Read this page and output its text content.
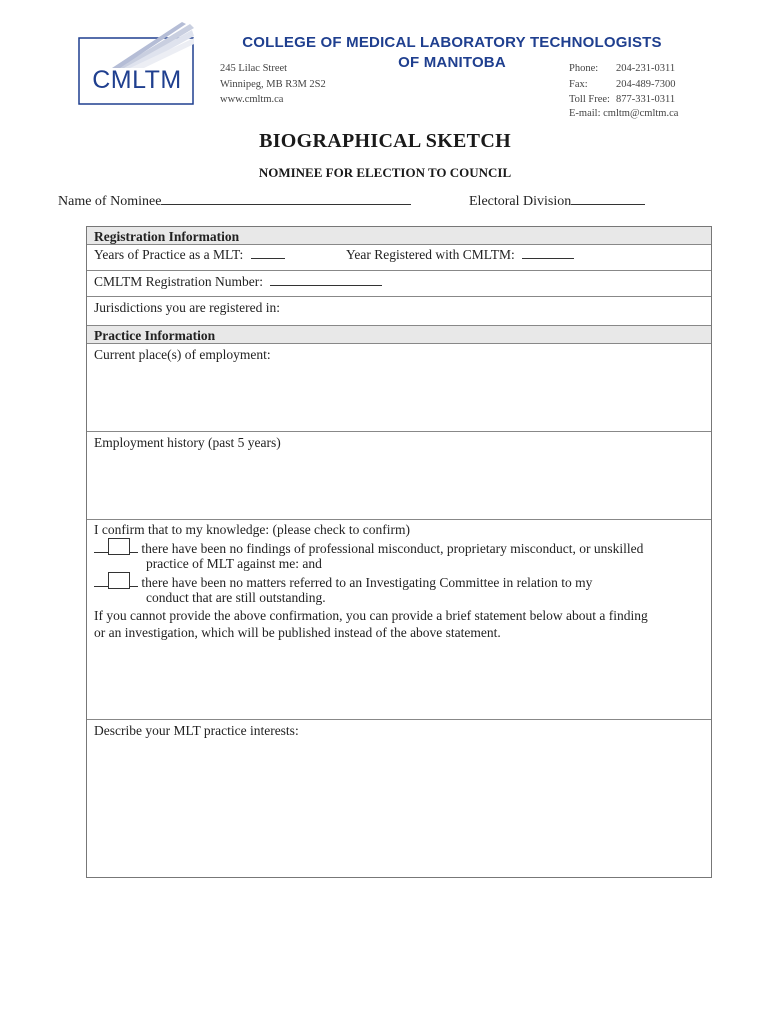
CMLTM
COLLEGE OF MEDICAL LABORATORY TECHNOLOGISTS
OF MANITOBA
245 Lilac Street
Winnipeg, MB R3M 2S2
www.cmltm.ca
Phone: 204-231-0311
Fax:	204-489-7300
Toll Free: 877-331-0311
E-mail: cmltm@cmltm.ca
BIOGRAPHICAL SKETCH
NOMINEE FOR ELECTION TO COUNCIL
Name of Nominee	Electoral Division
Registration Information
Years of Practice as a MLT:	Year Registered with CMLTM:
CMLTM Registration Number:
Jurisdictions you are registered in:
Practice Information
Current place(s) of employment:
Employment history (past 5 years)
I confirm that to my knowledge: (please check to confirm)
there have been no findings of professional misconduct, proprietary misconduct, or unskilled
practice of MLT against me: and
there have been no matters referred to an Investigating Committee in relation to my
conduct that are still outstanding.
If you cannot provide the above confirmation, you can provide a brief statement below about a finding
or an investigation, which will be published instead of the above statement.
Describe your MLT practice interests:
